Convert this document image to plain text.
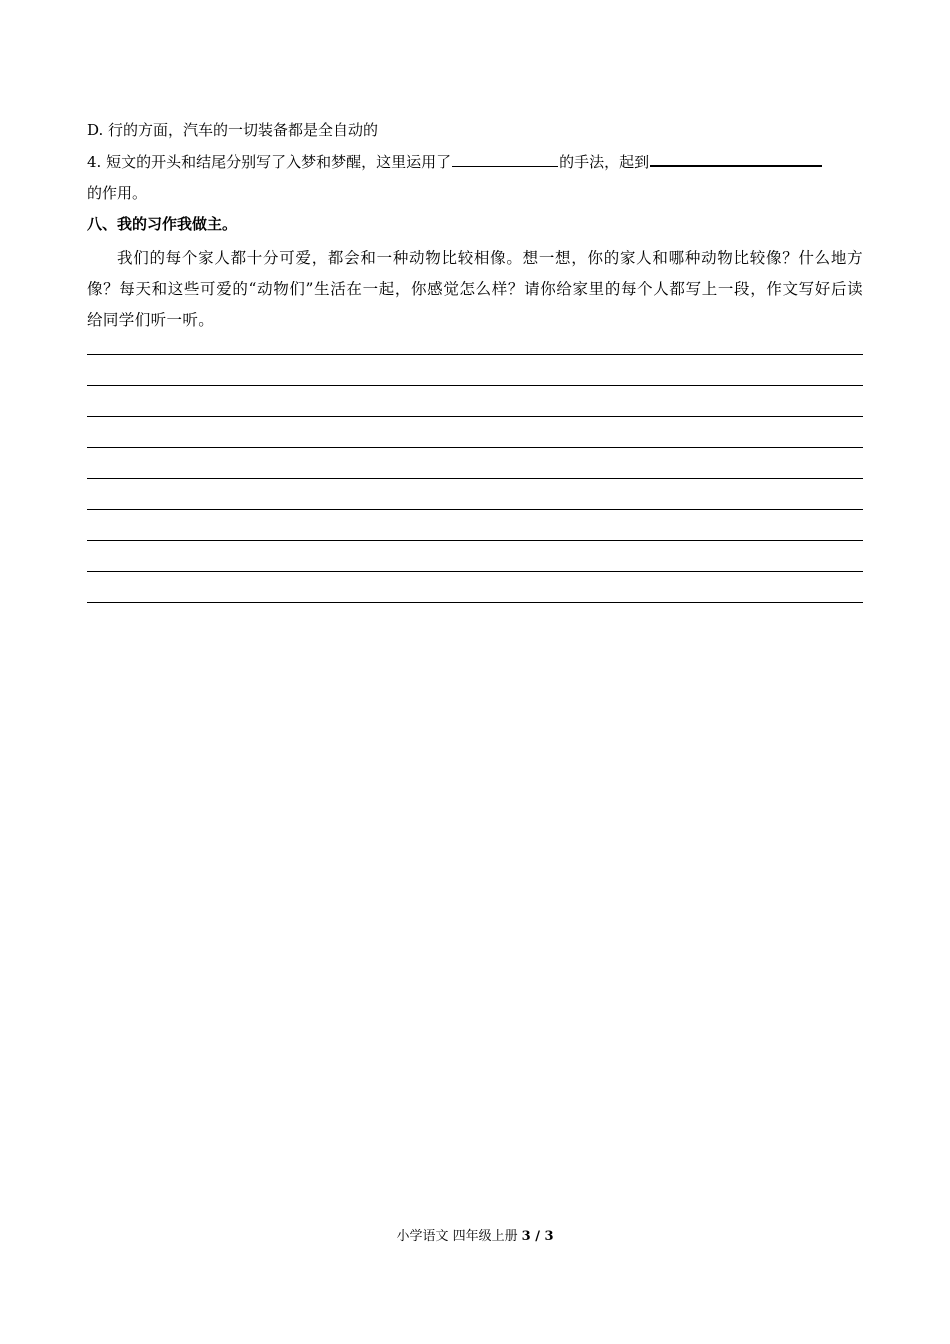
D. 行的方面，汽车的一切装备都是全自动的
4. 短文的开头和结尾分别写了入梦和梦醒，这里运用了	的手法，起到
的作用。
八、我的习作我做主。
我们的每个家人都十分可爱，都会和一种动物比较相像。想一想，你的家人和哪种动物比较像？什么地方像？每天和这些可爱的“动物们”生活在一起，你感觉怎么样？请你给家里的每个人都写上一段，作文写好后读给同学们听一听。
小学语文 四年级上册 3 / 3
